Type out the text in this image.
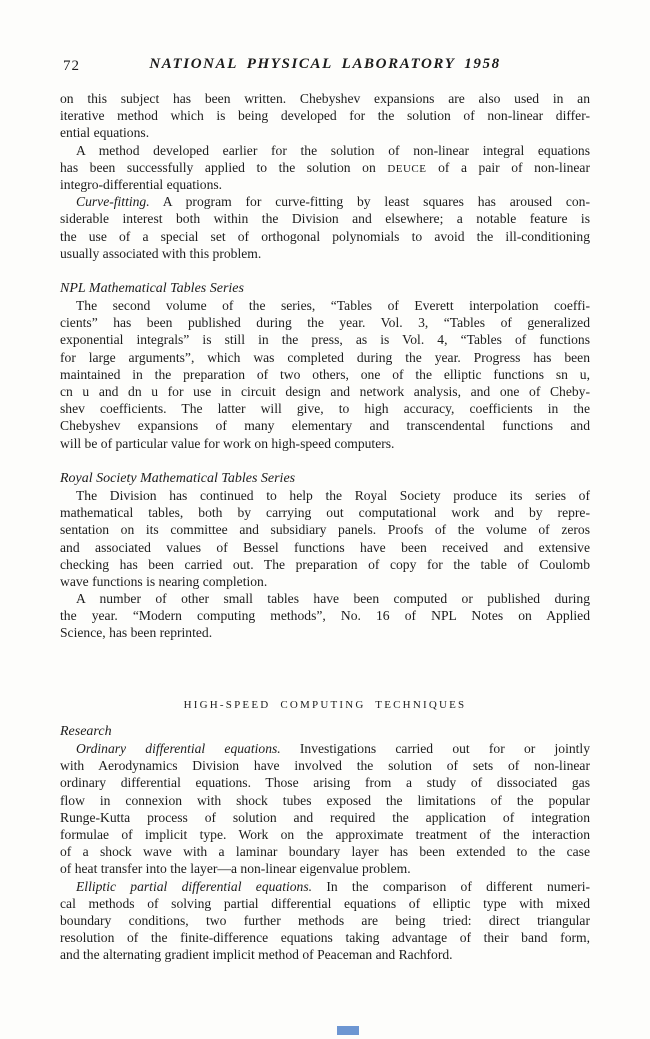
72	NATIONAL PHYSICAL LABORATORY 1958
on this subject has been written. Chebyshev expansions are also used in an
iterative method which is being developed for the solution of non-linear differ-
ential equations.
A method developed earlier for the solution of non-linear integral equations
has been successfully applied to the solution on DEUCE of a pair of non-linear
integro-differential equations.
Curve-fitting. A program for curve-fitting by least squares has aroused con-
siderable interest both within the Division and elsewhere; a notable feature is
the use of a special set of orthogonal polynomials to avoid the ill-conditioning
usually associated with this problem.
NPL Mathematical Tables Series
The second volume of the series, “Tables of Everett interpolation coeffi-
cients” has been published during the year. Vol. 3, “Tables of generalized
exponential integrals” is still in the press, as is Vol. 4, “Tables of functions
for large arguments”, which was completed during the year. Progress has been
maintained in the preparation of two others, one of the elliptic functions sn u,
cn u and dn u for use in circuit design and network analysis, and one of Cheby-
shev coefficients. The latter will give, to high accuracy, coefficients in the
Chebyshev expansions of many elementary and transcendental functions and
will be of particular value for work on high-speed computers.
Royal Society Mathematical Tables Series
The Division has continued to help the Royal Society produce its series of
mathematical tables, both by carrying out computational work and by repre-
sentation on its committee and subsidiary panels. Proofs of the volume of zeros
and associated values of Bessel functions have been received and extensive
checking has been carried out. The preparation of copy for the table of Coulomb
wave functions is nearing completion.
A number of other small tables have been computed or published during
the year. “Modern computing methods”, No. 16 of NPL Notes on Applied
Science, has been reprinted.
HIGH-SPEED COMPUTING TECHNIQUES
Research
Ordinary differential equations. Investigations carried out for or jointly
with Aerodynamics Division have involved the solution of sets of non-linear
ordinary differential equations. Those arising from a study of dissociated gas
flow in connexion with shock tubes exposed the limitations of the popular
Runge-Kutta process of solution and required the application of integration
formulae of implicit type. Work on the approximate treatment of the interaction
of a shock wave with a laminar boundary layer has been extended to the case
of heat transfer into the layer—a non-linear eigenvalue problem.
Elliptic partial differential equations. In the comparison of different numeri-
cal methods of solving partial differential equations of elliptic type with mixed
boundary conditions, two further methods are being tried: direct triangular
resolution of the finite-difference equations taking advantage of their band form,
and the alternating gradient implicit method of Peaceman and Rachford.
